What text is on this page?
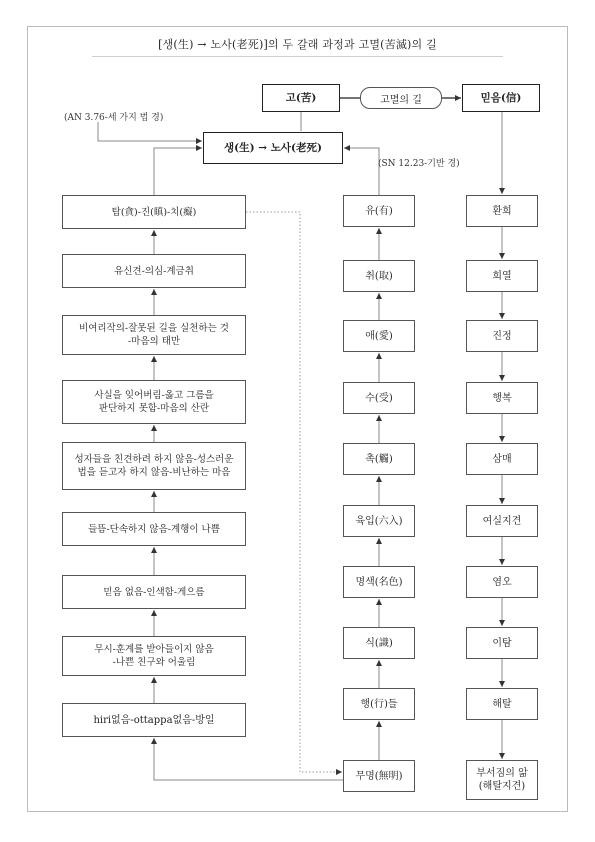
[생(生) → 노사(老死)]의 두 갈래 과정과 고멸(苦滅)의 길
고(苦)	고멸의 길	믿음(信)
생(生) → 노사(老死)
(AN 3.76-세 가지 법 경)
(SN 12.23-기반 경)
탐(貪)-진(瞋)-치(癡)
유신견-의심-계금취
비여리작의-잘못된 길을 실천하는 것
-마음의 태만
사실을 잊어버림-옳고 그름을
판단하지 못함-마음의 산란
성자들을 친견하려 하지 않음-성스러운
법을 듣고자 하지 않음-비난하는 마음
들뜸-단속하지 않음-계행이 나쁨
믿음 없음-인색함-게으름
무시-훈계를 받아들이지 않음
-나쁜 친구와 어울림
hiri없음-ottappa없음-방일
유(有)
취(取)
애(愛)
수(受)
촉(觸)
육입(六入)
명색(名色)
식(識)
행(行)들
무명(無明)
환희
희열
진정
행복
삼매
여실지견
염오
이탐
해탈
부서짐의 앎
(해탈지견)
